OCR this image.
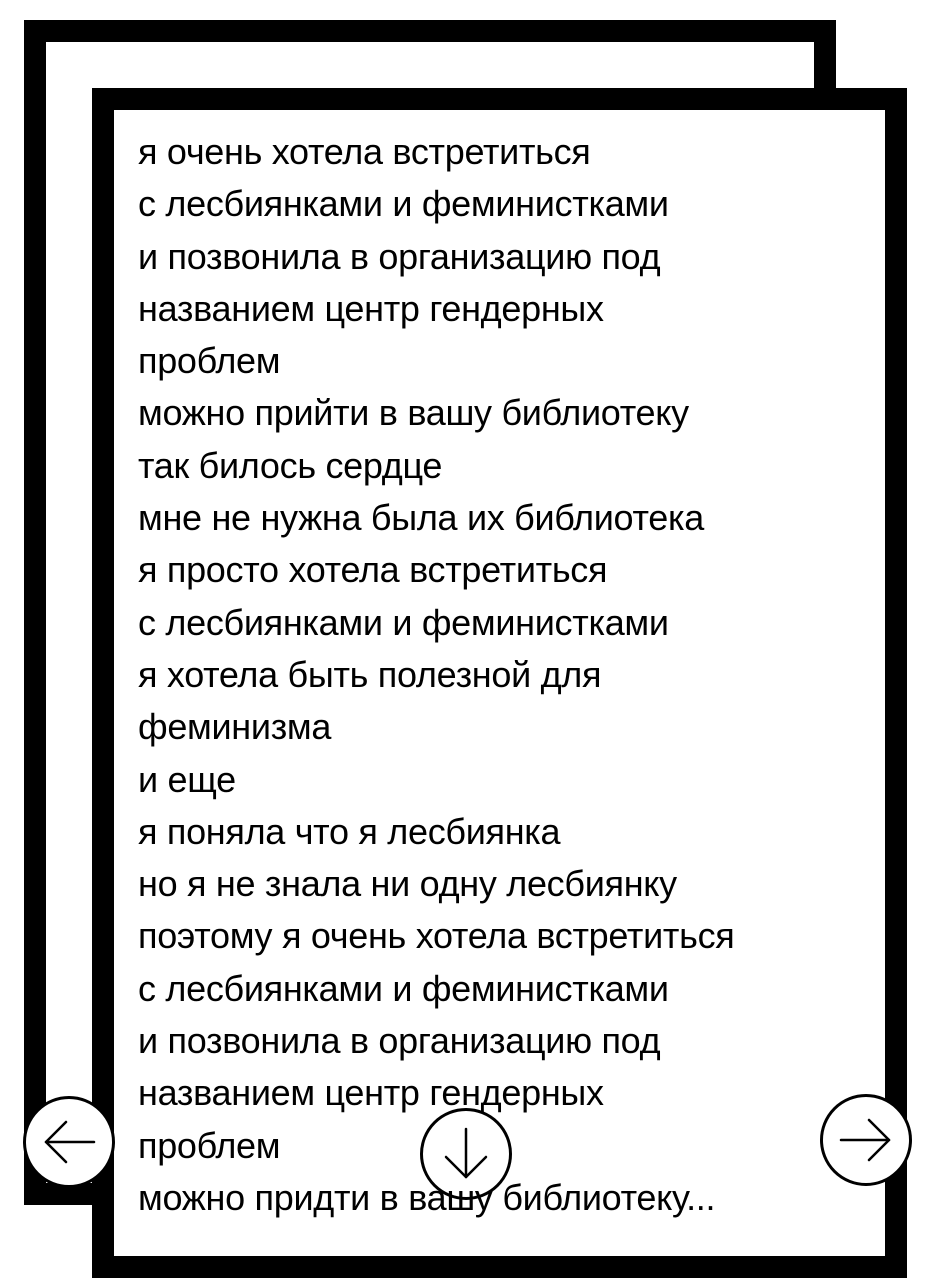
я очень хотела встретиться
с лесбиянками и феминистками
и позвонила в организацию под
названием центр гендерных
проблем
можно прийти в вашу библиотеку
так билось сердце
мне не нужна была их библиотека
я просто хотела встретиться
с лесбиянками и феминистками
я хотела быть полезной для
феминизма
и еще
я поняла что я лесбиянка
но я не знала ни одну лесбиянку
поэтому я очень хотела встретиться
с лесбиянками и феминистками
и позвонила в организацию под
названием центр гендерных
проблем
можно придти в вашу библиотеку...
